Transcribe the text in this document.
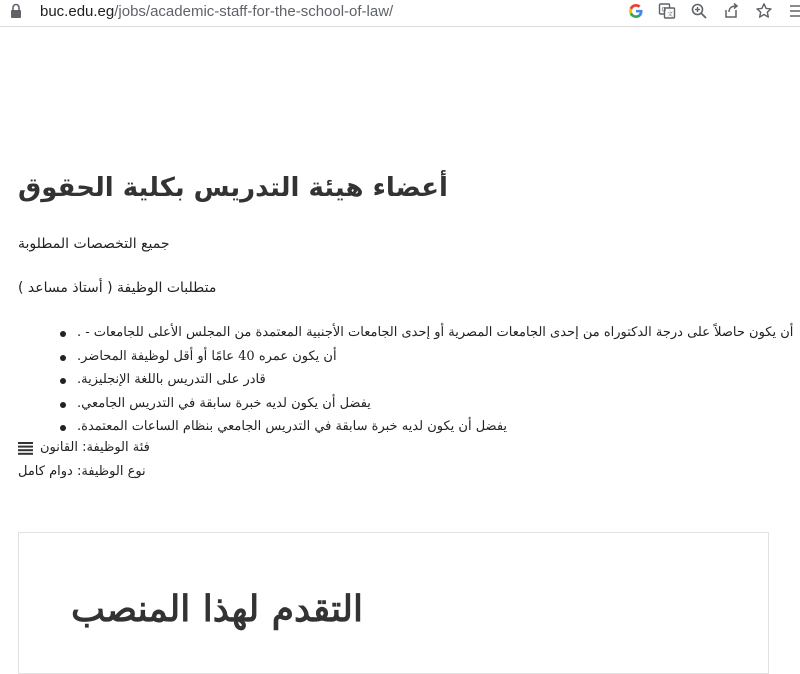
buc.edu.eg/jobs/academic-staff-for-the-school-of-law/	G
文
أعضاء هيئة التدريس بكلية الحقوق

جميع التخصصات المطلوبة

متطلبات الوظيفة ( أستاذ مساعد )

أن يكون حاصلاً على درجة الدكتوراه من إحدى الجامعات المصرية أو إحدى الجامعات الأجنبية المعتمدة من المجلس الأعلى للجامعات - .
أن يكون عمره 40 عامًا أو أقل لوظيفة المحاضر.
قادر على التدريس باللغة الإنجليزية.
يفضل أن يكون لديه خبرة سابقة في التدريس الجامعي.
يفضل أن يكون لديه خبرة سابقة في التدريس الجامعي بنظام الساعات المعتمدة.
فئة الوظيفة: القانون
نوع الوظيفة: دوام كامل
التقدم لهذا المنصب
